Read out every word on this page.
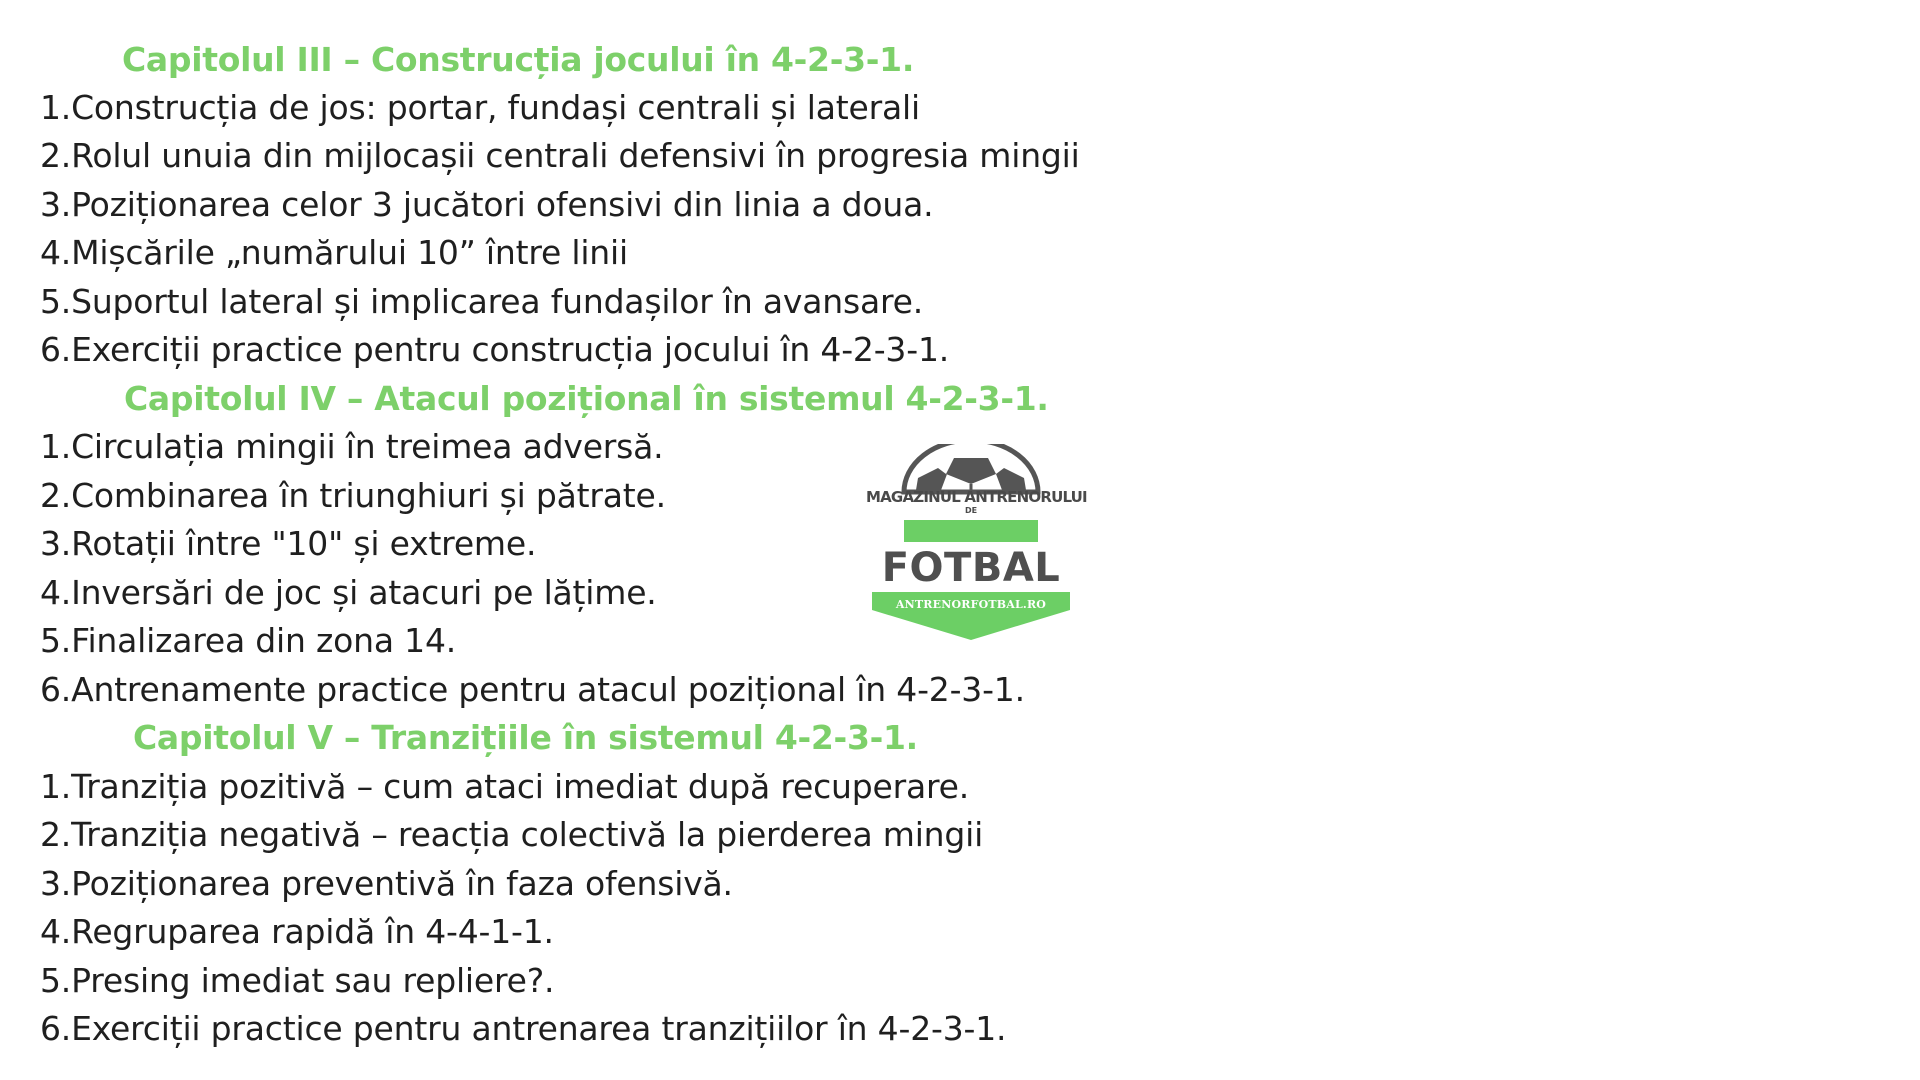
Capitolul III – Construcția jocului în 4-2-3-1.
1.Construcția de jos: portar, fundași centrali și laterali
2.Rolul unuia din mijlocașii centrali defensivi în progresia mingii
3.Poziționarea celor 3 jucători ofensivi din linia a doua.
4.Mișcările „numărului 10” între linii
5.Suportul lateral și implicarea fundașilor în avansare.
6.Exerciții practice pentru construcția jocului în 4-2-3-1.
Capitolul IV – Atacul pozițional în sistemul 4-2-3-1.
1.Circulația mingii în treimea adversă.
2.Combinarea în triunghiuri și pătrate.
3.Rotații între "10" și extreme.
4.Inversări de joc și atacuri pe lățime.
5.Finalizarea din zona 14.
6.Antrenamente practice pentru atacul pozițional în 4-2-3-1.
Capitolul V – Tranzițiile în sistemul 4-2-3-1.
1.Tranziția pozitivă – cum ataci imediat după recuperare.
2.Tranziția negativă – reacția colectivă la pierderea mingii
3.Poziționarea preventivă în faza ofensivă.
4.Regruparea rapidă în 4-4-1-1.
5.Presing imediat sau repliere?.
6.Exerciții practice pentru antrenarea tranzițiilor în 4-2-3-1.
MAGAZINUL ANTRENORULUI
DE
FOTBAL
ANTRENORFOTBAL.RO
